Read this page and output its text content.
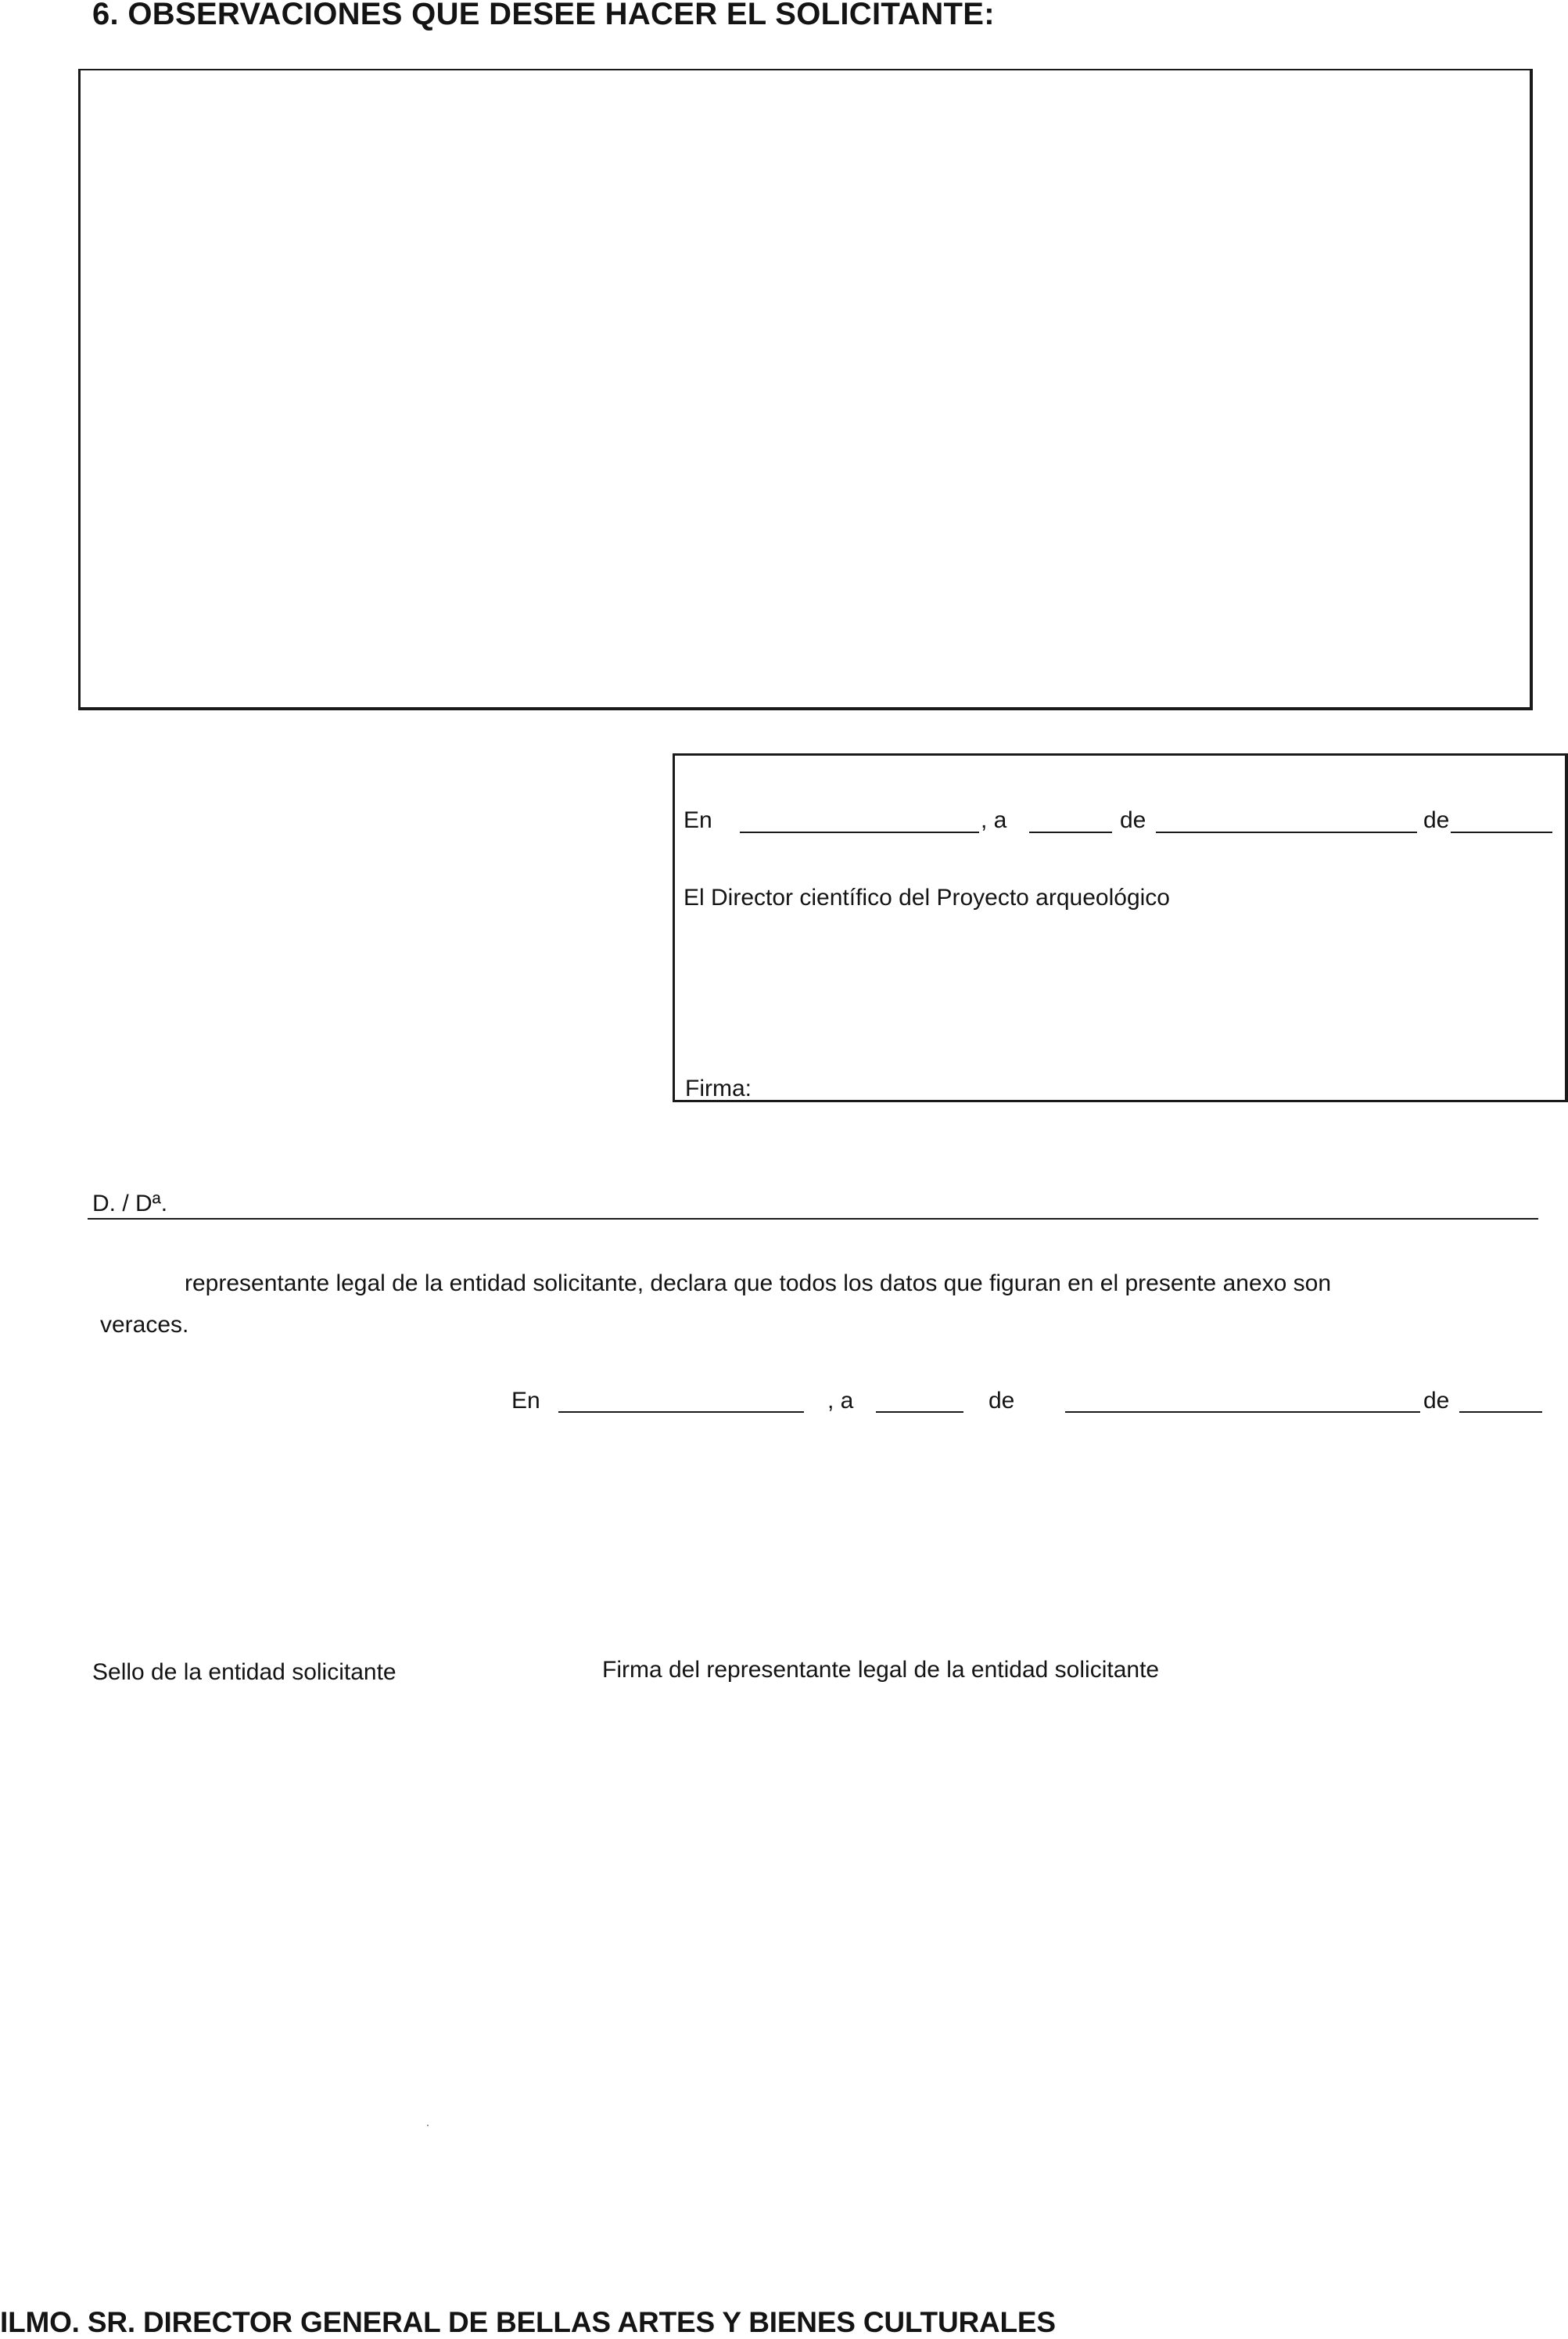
6. OBSERVACIONES QUE DESEE HACER EL SOLICITANTE:
En	, a	de	de
El Director científico del Proyecto arqueológico
Firma:
D. / Dª.
representante legal de la entidad solicitante, declara que todos los datos que figuran en el presente anexo son
veraces.
En	, a	de	de
Sello de la entidad solicitante	Firma del representante legal de la entidad solicitante
ILMO. SR. DIRECTOR GENERAL DE BELLAS ARTES Y BIENES CULTURALES
